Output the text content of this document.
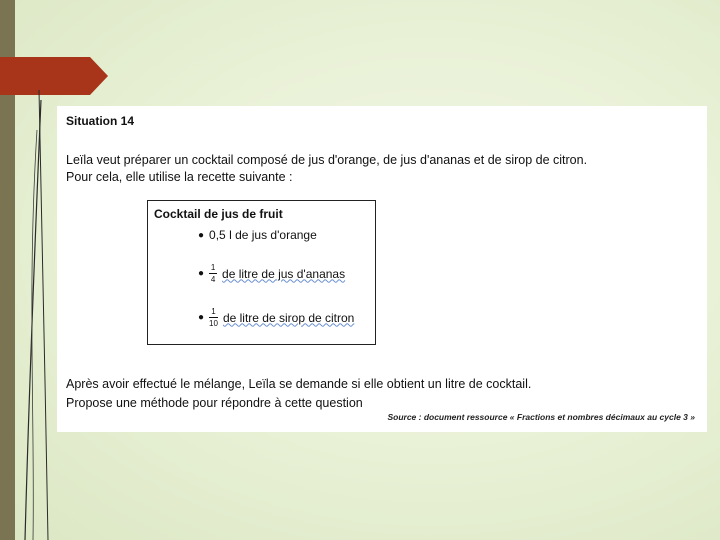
Situation 14
Leïla veut préparer un cocktail composé de jus d'orange, de jus d'ananas et de sirop de citron.
Pour cela, elle utilise la recette suivante :
Cocktail de jus de fruit
● 0,5 l
de jus d'orange
● $\frac{1}{4}$ de litre de jus d'ananas
● $\frac{1}{10}$ de litre de sirop de citron
Après avoir effectué le mélange, Leïla se demande si elle obtient un litre de cocktail.
Propose une méthode pour répondre à cette question
Source : document ressource « Fractions et nombres décimaux au cycle 3 »
